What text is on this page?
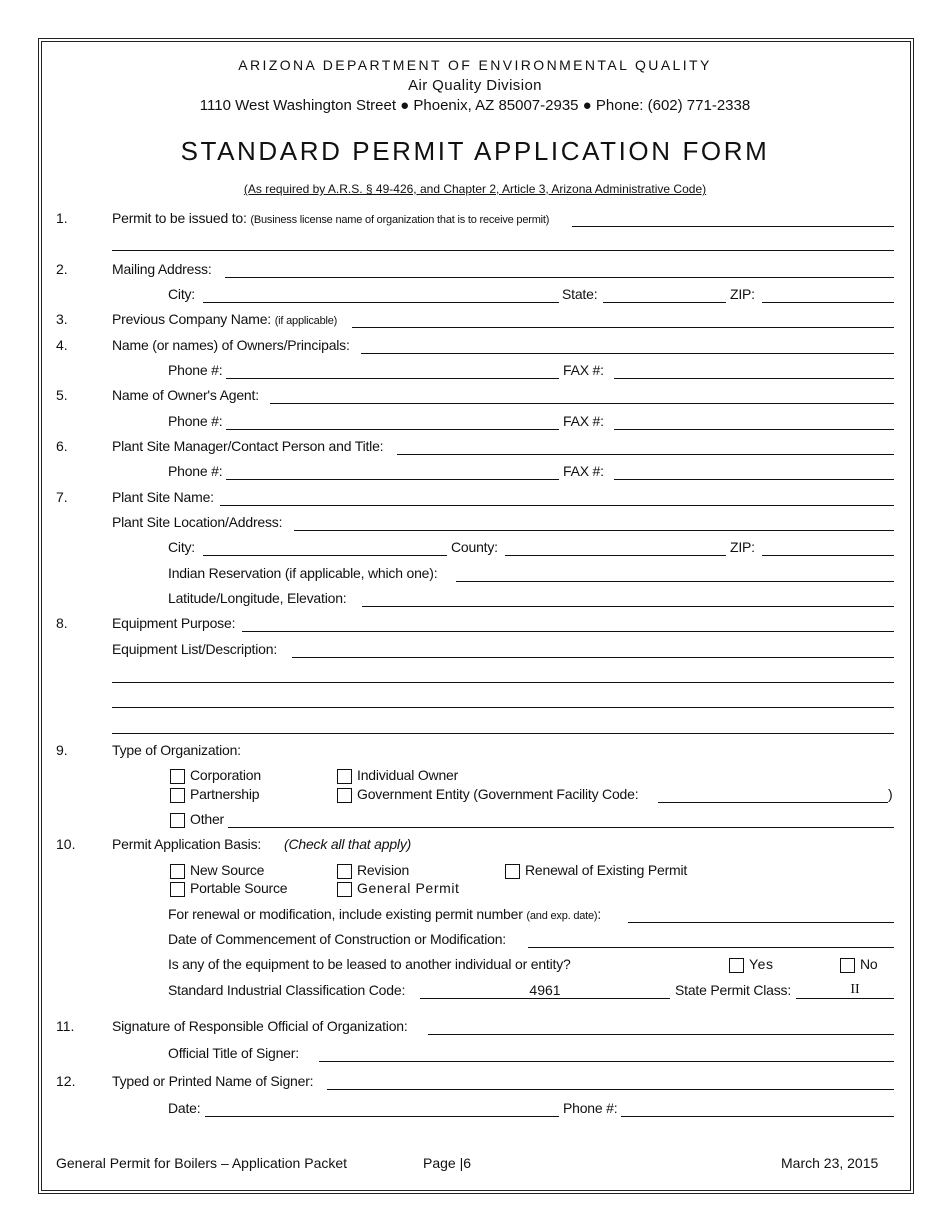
ARIZONA DEPARTMENT OF ENVIRONMENTAL QUALITY
Air Quality Division
1110 West Washington Street ● Phoenix, AZ 85007-2935 ● Phone: (602) 771-2338
STANDARD PERMIT APPLICATION FORM
(As required by A.R.S. § 49-426, and Chapter 2, Article 3, Arizona Administrative Code)
1.	Permit to be issued to: (Business license name of organization that is to receive permit)
2.	Mailing Address:
City:	State:	ZIP:
3.	Previous Company Name: (if applicable)
4.	Name (or names) of Owners/Principals:
Phone #:	FAX #:
5.	Name of Owner's Agent:
Phone #:	FAX #:
6.	Plant Site Manager/Contact Person and Title:
Phone #:	FAX #:
7.	Plant Site Name:
Plant Site Location/Address:
City:	County:	ZIP:
Indian Reservation (if applicable, which one):
Latitude/Longitude, Elevation:
8.	Equipment Purpose:
Equipment List/Description:
9.	Type of Organization:
Corporation	Individual Owner
Partnership	Government Entity (Government Facility Code:	)
Other
10.	Permit Application Basis: (Check all that apply)
New Source	Revision	Renewal of Existing Permit
Portable Source	General Permit
For renewal or modification, include existing permit number (and exp. date):
Date of Commencement of Construction or Modification:
Is any of the equipment to be leased to another individual or entity?	Yes	No
Standard Industrial Classification Code:	4961	State Permit Class:	II
11.	Signature of Responsible Official of Organization:
Official Title of Signer:
12.	Typed or Printed Name of Signer:
Date:	Phone #:
General Permit for Boilers – Application Packet	Page |6	March 23, 2015
